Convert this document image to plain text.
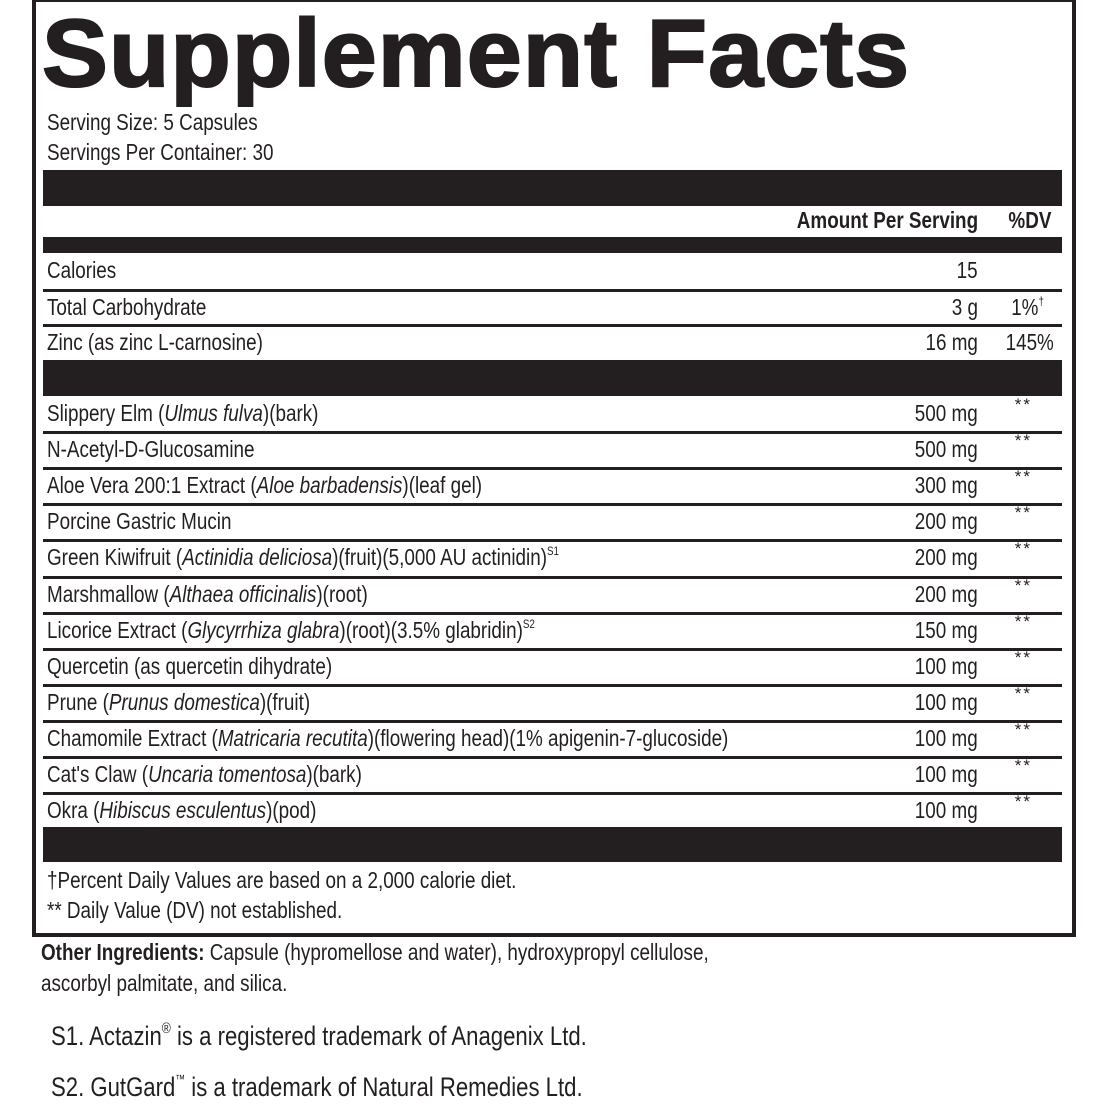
Supplement Facts
Serving Size: 5 Capsules
Servings Per Container: 30
Amount Per Serving	%DV
Calories	15
Total Carbohydrate	3 g	1%†
Zinc (as zinc L-carnosine)	16 mg	145%
Slippery Elm (Ulmus fulva)(bark)	500 mg **
N-Acetyl-D-Glucosamine	500 mg **
Aloe Vera 200:1 Extract (Aloe barbadensis)(leaf gel)	300 mg **
Porcine Gastric Mucin	200 mg **
Green Kiwifruit (Actinidia deliciosa)(fruit)(5,000 AU actinidin)$^{S1}$	200 mg **
Marshmallow (Althaea officinalis)(root)	200 mg **
Licorice Extract (Glycyrrhiza glabra)(root)(3.5% glabridin)$^{S2}$	150 mg **
Quercetin (as quercetin dihydrate)	100 mg **
Prune (Prunus domestica)(fruit)	100 mg **
Chamomile Extract (Matricaria recutita)(flowering head)(1% apigenin-7-glucoside)	100 mg **
Cat's Claw (Uncaria tomentosa)(bark)	100 mg **
Okra (Hibiscus esculentus)(pod)	100 mg **
†Percent Daily Values are based on a 2,000 calorie diet.
** Daily Value (DV) not established.
Other Ingredients: Capsule (hypromellose and water), hydroxypropyl cellulose,
ascorbyl palmitate, and silica.
S1. Actazin® is a registered trademark of Anagenix Ltd.
S2. GutGard™ is a trademark of Natural Remedies Ltd.
